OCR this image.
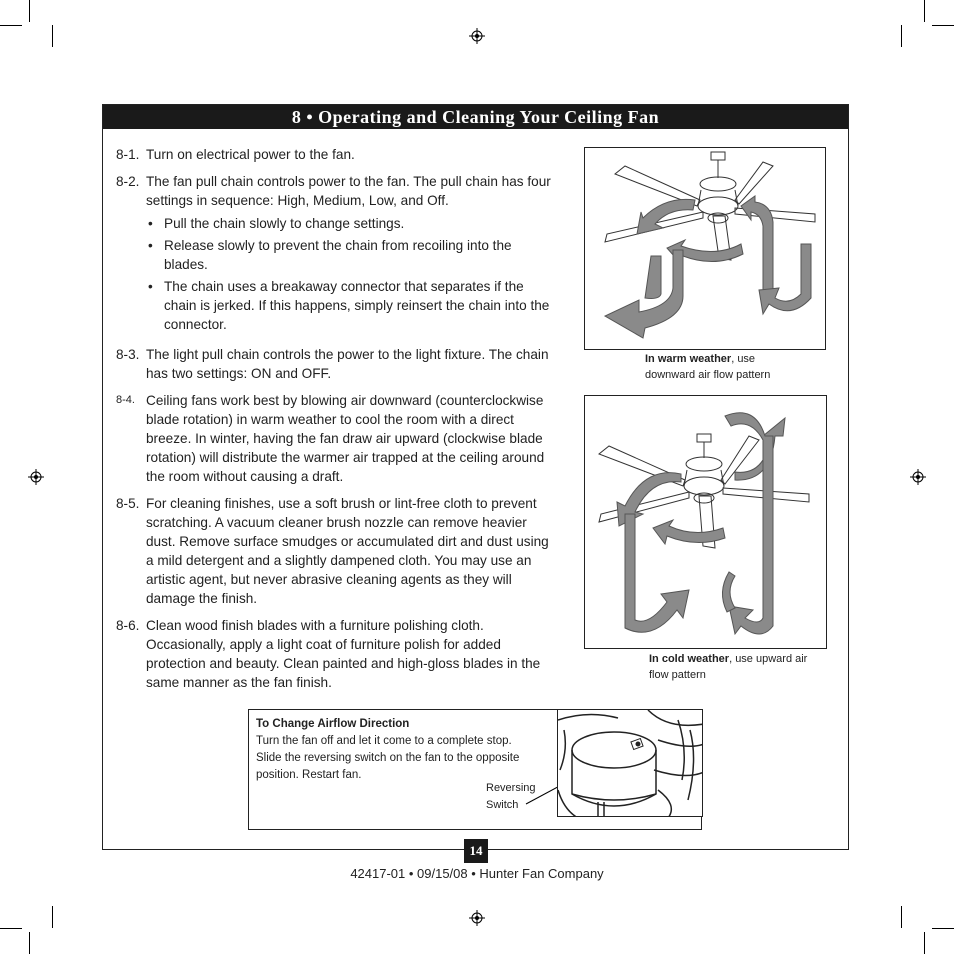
8 • Operating and Cleaning Your Ceiling Fan
8-1. Turn on electrical power to the fan.
8-2. The fan pull chain controls power to the fan. The pull chain has four settings in sequence: High, Medium, Low, and Off.
• Pull the chain slowly to change settings.
• Release slowly to prevent the chain from recoiling into the blades.
• The chain uses a breakaway connector that separates if the chain is jerked. If this happens, simply reinsert the chain into the connector.
8-3. The light pull chain controls the power to the light fixture. The chain has two settings: ON and OFF.
8-4. Ceiling fans work best by blowing air downward (counterclockwise blade rotation) in warm weather to cool the room with a direct breeze. In winter, having the fan draw air upward (clockwise blade rotation) will distribute the warmer air trapped at the ceiling around the room without causing a draft.
8-5. For cleaning finishes, use a soft brush or lint-free cloth to prevent scratching. A vacuum cleaner brush nozzle can remove heavier dust. Remove surface smudges or accumulated dirt and dust using a mild detergent and a slightly dampened cloth. You may use an artistic agent, but never abrasive cleaning agents as they will damage the finish.
8-6. Clean wood finish blades with a furniture polishing cloth. Occasionally, apply a light coat of furniture polish for added protection and beauty. Clean painted and high-gloss blades in the same manner as the fan finish.
In warm weather, use downward air flow pattern
In cold weather, use upward air flow pattern
To Change Airflow Direction
Turn the fan off and let it come to a complete stop. Slide the reversing switch on the fan to the opposite position. Restart fan.
Reversing
Switch
14
42417-01 • 09/15/08 • Hunter Fan Company
